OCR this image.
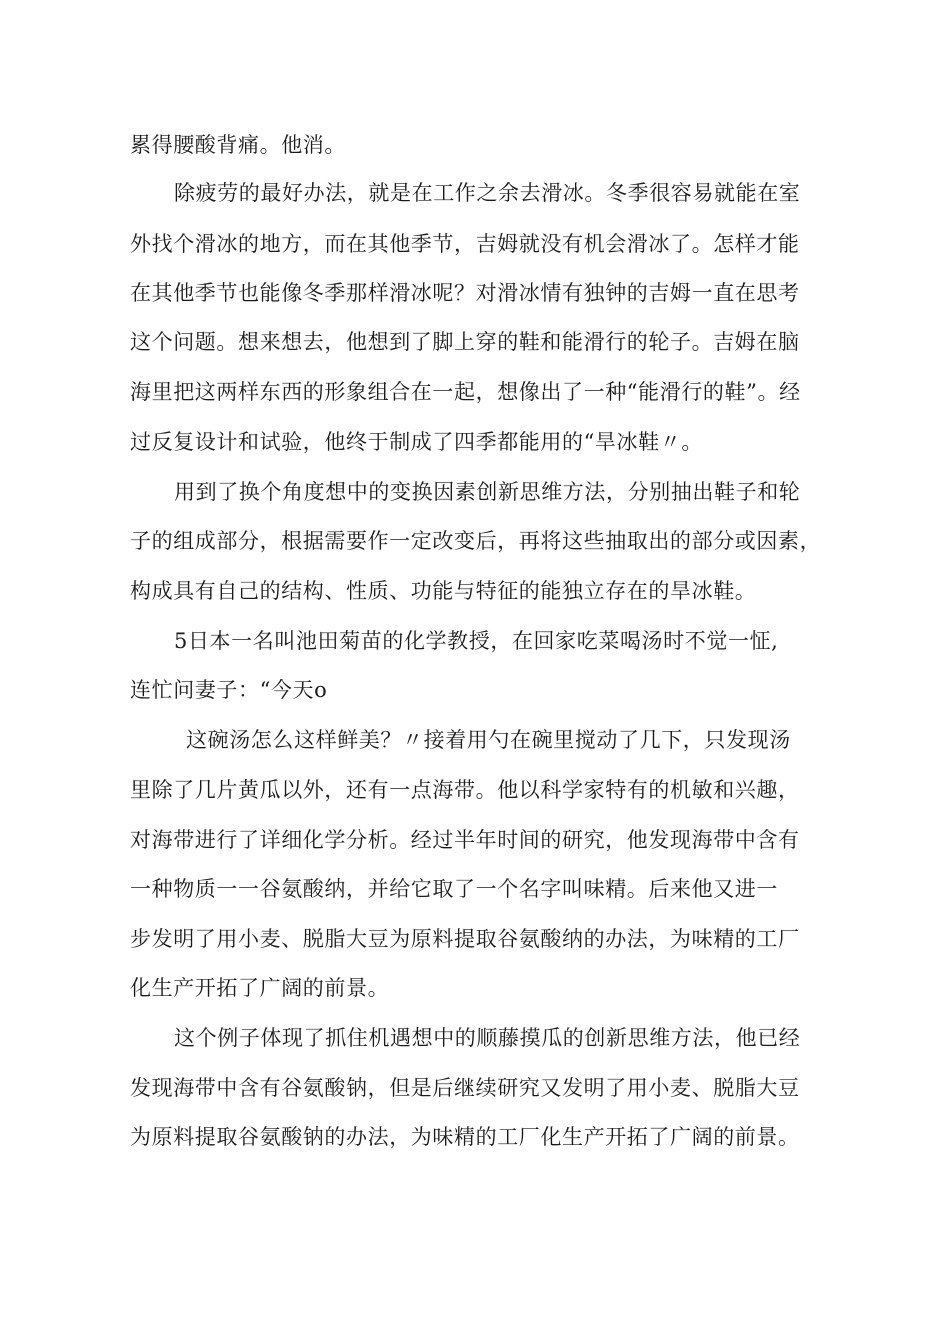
累得腰酸背痛。他消。
除疲劳的最好办法，就是在工作之余去滑冰。冬季很容易就能在室
外找个滑冰的地方，而在其他季节，吉姆就没有机会滑冰了。怎样才能
在其他季节也能像冬季那样滑冰呢？对滑冰情有独钟的吉姆一直在思考
这个问题。想来想去，他想到了脚上穿的鞋和能滑行的轮子。吉姆在脑
海里把这两样东西的形象组合在一起，想像出了一种“能滑行的鞋”。经
过反复设计和试验，他终于制成了四季都能用的“旱冰鞋〃。
用到了换个角度想中的变换因素创新思维方法，分别抽出鞋子和轮
子的组成部分，根据需要作一定改变后，再将这些抽取出的部分或因素，
构成具有自己的结构、性质、功能与特征的能独立存在的旱冰鞋。
5日本一名叫池田菊苗的化学教授，在回家吃菜喝汤时不觉一怔,
连忙问妻子：“今天o
这碗汤怎么这样鲜美？〃接着用勺在碗里搅动了几下，只发现汤
里除了几片黄瓜以外，还有一点海带。他以科学家特有的机敏和兴趣，
对海带进行了详细化学分析。经过半年时间的研究，他发现海带中含有
一种物质一一谷氨酸纳，并给它取了一个名字叫味精。后来他又进一
步发明了用小麦、脱脂大豆为原料提取谷氨酸纳的办法，为味精的工厂
化生产开拓了广阔的前景。
这个例子体现了抓住机遇想中的顺藤摸瓜的创新思维方法，他已经
发现海带中含有谷氨酸钠，但是后继续研究又发明了用小麦、脱脂大豆
为原料提取谷氨酸钠的办法，为味精的工厂化生产开拓了广阔的前景。
